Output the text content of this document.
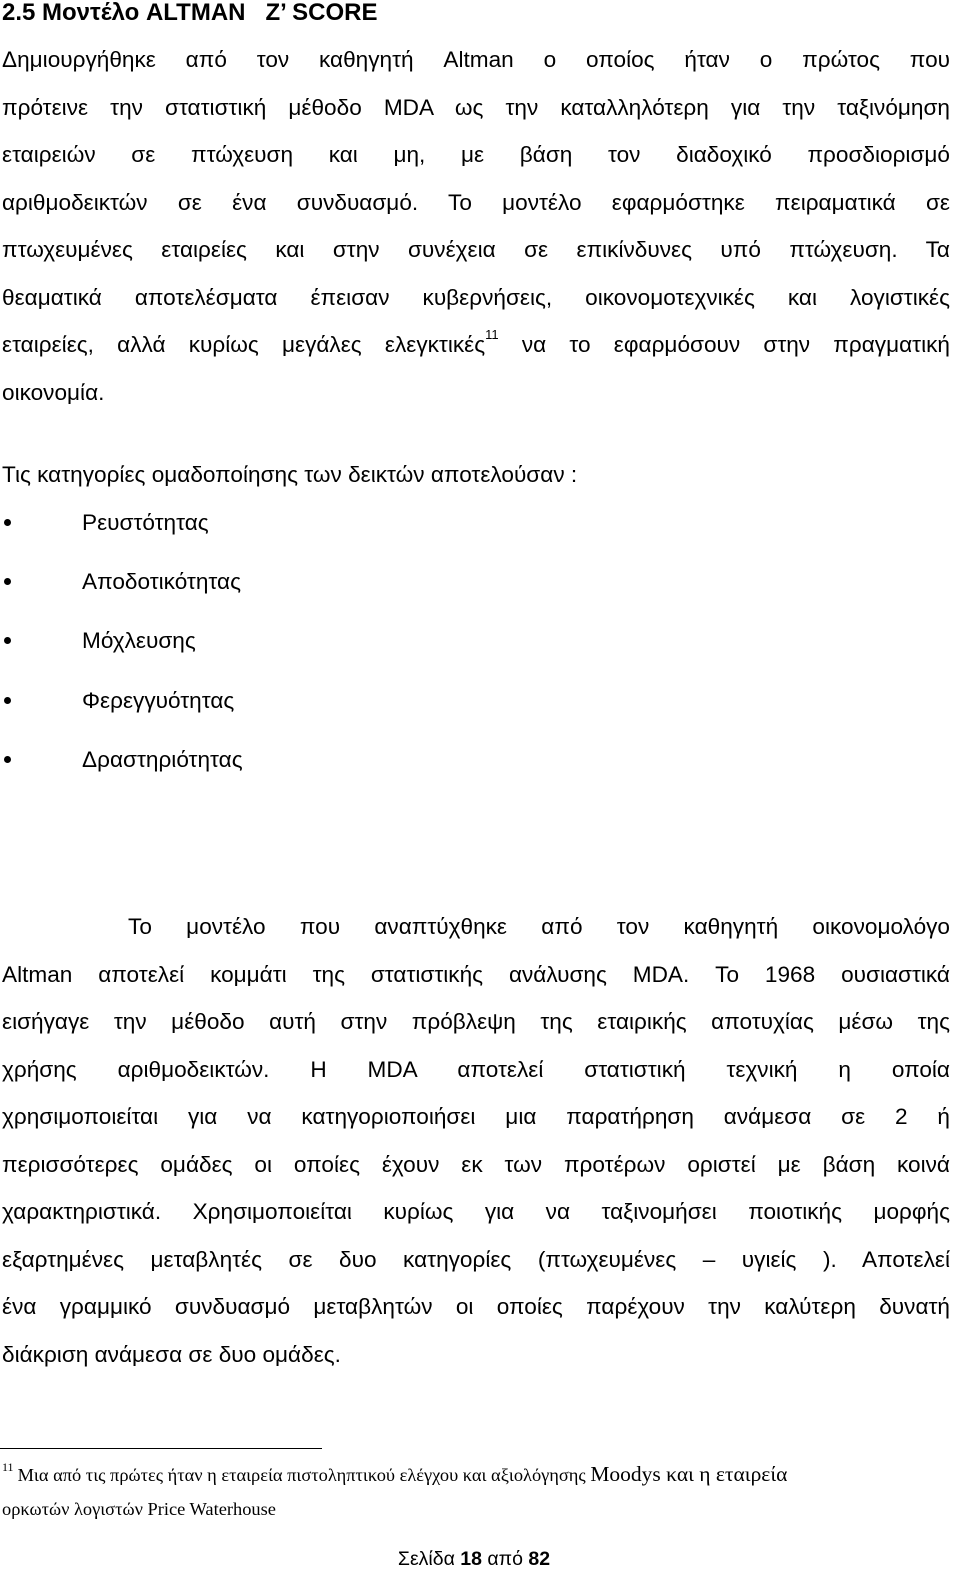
2.5 Μοντέλο ALTMAN   Z’ SCORE
Δημιουργήθηκε από τον καθηγητή Altman ο οποίος ήταν ο πρώτος που
πρότεινε την στατιστική μέθοδο MDA ως την καταλληλότερη για την ταξινόμηση
εταιρειών σε πτώχευση και μη, με βάση τον διαδοχικό προσδιορισμό
αριθμοδεικτών σε ένα συνδυασμό. Το μοντέλο εφαρμόστηκε πειραματικά σε
πτωχευμένες εταιρείες και στην συνέχεια σε επικίνδυνες υπό πτώχευση. Τα
θεαματικά αποτελέσματα έπεισαν κυβερνήσεις, οικονομοτεχνικές και λογιστικές
εταιρείες, αλλά κυρίως μεγάλες ελεγκτικές$^{11}$ να το εφαρμόσουν στην πραγματική
οικονομία.
Τις κατηγορίες ομαδοποίησης των δεικτών αποτελούσαν :
Ρευστότητας
Αποδοτικότητας
Μόχλευσης
Φερεγγυότητας
Δραστηριότητας
Το μοντέλο που αναπτύχθηκε από τον καθηγητή οικονομολόγο
Altman αποτελεί κομμάτι της στατιστικής ανάλυσης MDA. Το 1968 ουσιαστικά
εισήγαγε την μέθοδο αυτή στην πρόβλεψη της εταιρικής αποτυχίας μέσω της
χρήσης αριθμοδεικτών. Η MDA αποτελεί στατιστική τεχνική η οποία
χρησιμοποιείται για να κατηγοριοποιήσει μια παρατήρηση ανάμεσα σε 2 ή
περισσότερες ομάδες οι οποίες έχουν εκ των προτέρων οριστεί με βάση κοινά
χαρακτηριστικά. Χρησιμοποιείται κυρίως για να ταξινομήσει ποιοτικής μορφής
εξαρτημένες μεταβλητές σε δυο κατηγορίες (πτωχευμένες – υγιείς ). Αποτελεί
ένα γραμμικό συνδυασμό μεταβλητών οι οποίες παρέχουν την καλύτερη δυνατή
διάκριση ανάμεσα σε δυο ομάδες.
$^{11}$ Μια από τις πρώτες ήταν η εταιρεία πιστοληπτικού ελέγχου και αξιολόγησης Moodys και η εταιρεία
ορκωτών λογιστών Price Waterhouse
Σελίδα 18 από 82
